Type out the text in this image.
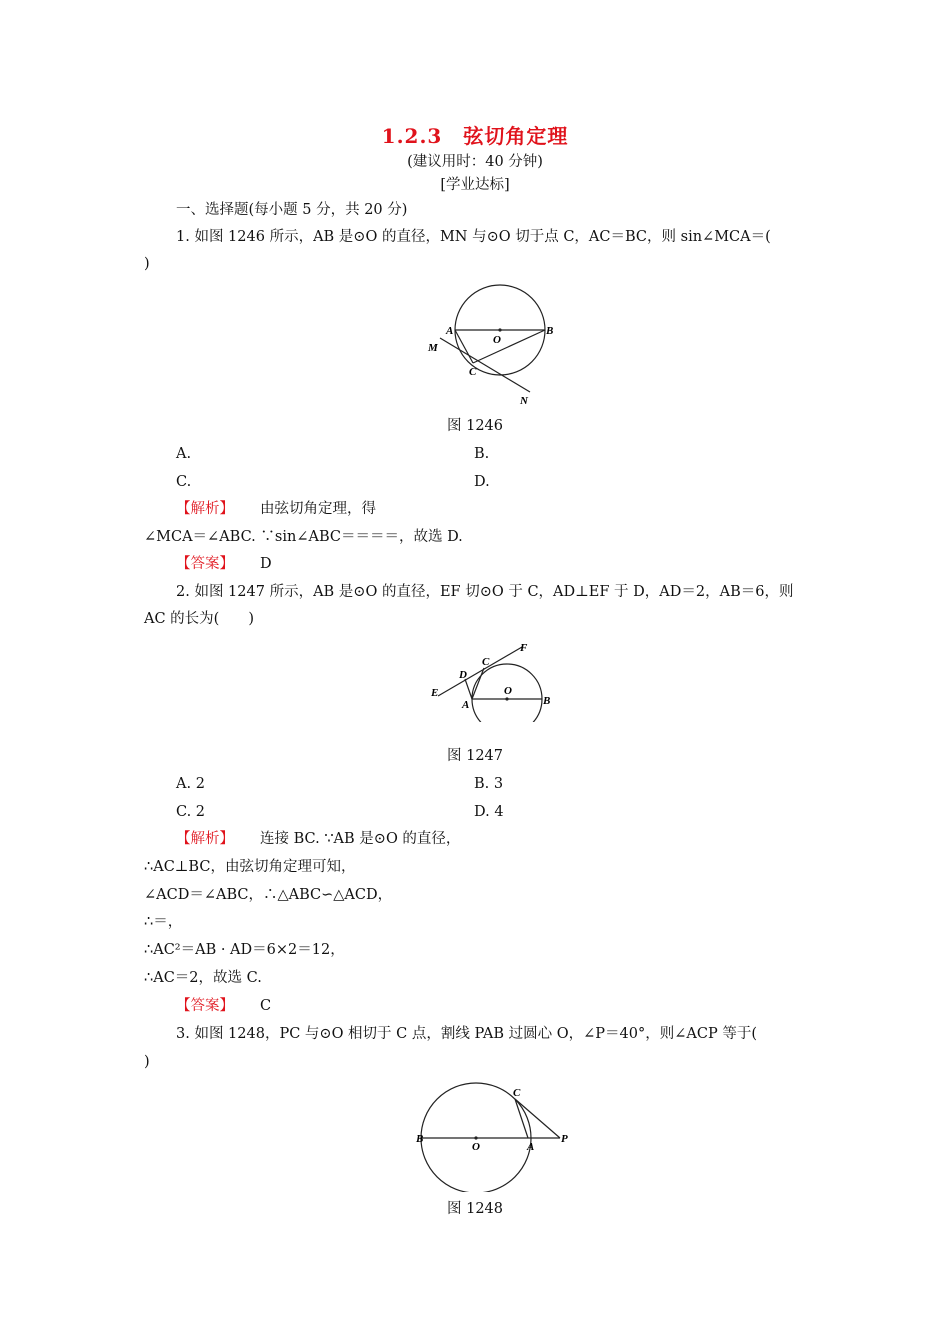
1.2.3　弦切角定理
(建议用时：40 分钟)
[学业达标]
一、选择题(每小题 5 分，共 20 分)
1. 如图 1246 所示，AB 是⊙O 的直径，MN 与⊙O 切于点 C，AC＝BC，则 sin∠MCA＝(
)
A	B
O
M
C
N
图 1246
A.	B.
C.	D.
【解析】 由弦切角定理，得
∠MCA＝∠ABC. ∵sin∠ABC＝＝＝＝，故选 D.
【答案】 D
2. 如图 1247 所示，AB 是⊙O 的直径，EF 切⊙O 于 C，AD⊥EF 于 D，AD＝2，AB＝6，则
AC 的长为(　　)
F
C
D
O
E
A	B
图 1247
A. 2	B. 3
C. 2	D. 4
【解析】 连接 BC. ∵AB 是⊙O 的直径，
∴AC⊥BC，由弦切角定理可知，
∠ACD＝∠ABC，∴△ABC∽△ACD，
∴＝，
∴AC²＝AB · AD＝6×2＝12，
∴AC＝2，故选 C.
【答案】 C
3. 如图 1248，PC 与⊙O 相切于 C 点，割线 PAB 过圆心 O，∠P＝40°，则∠ACP 等于(
)
C
B
O	A
P
图 1248
